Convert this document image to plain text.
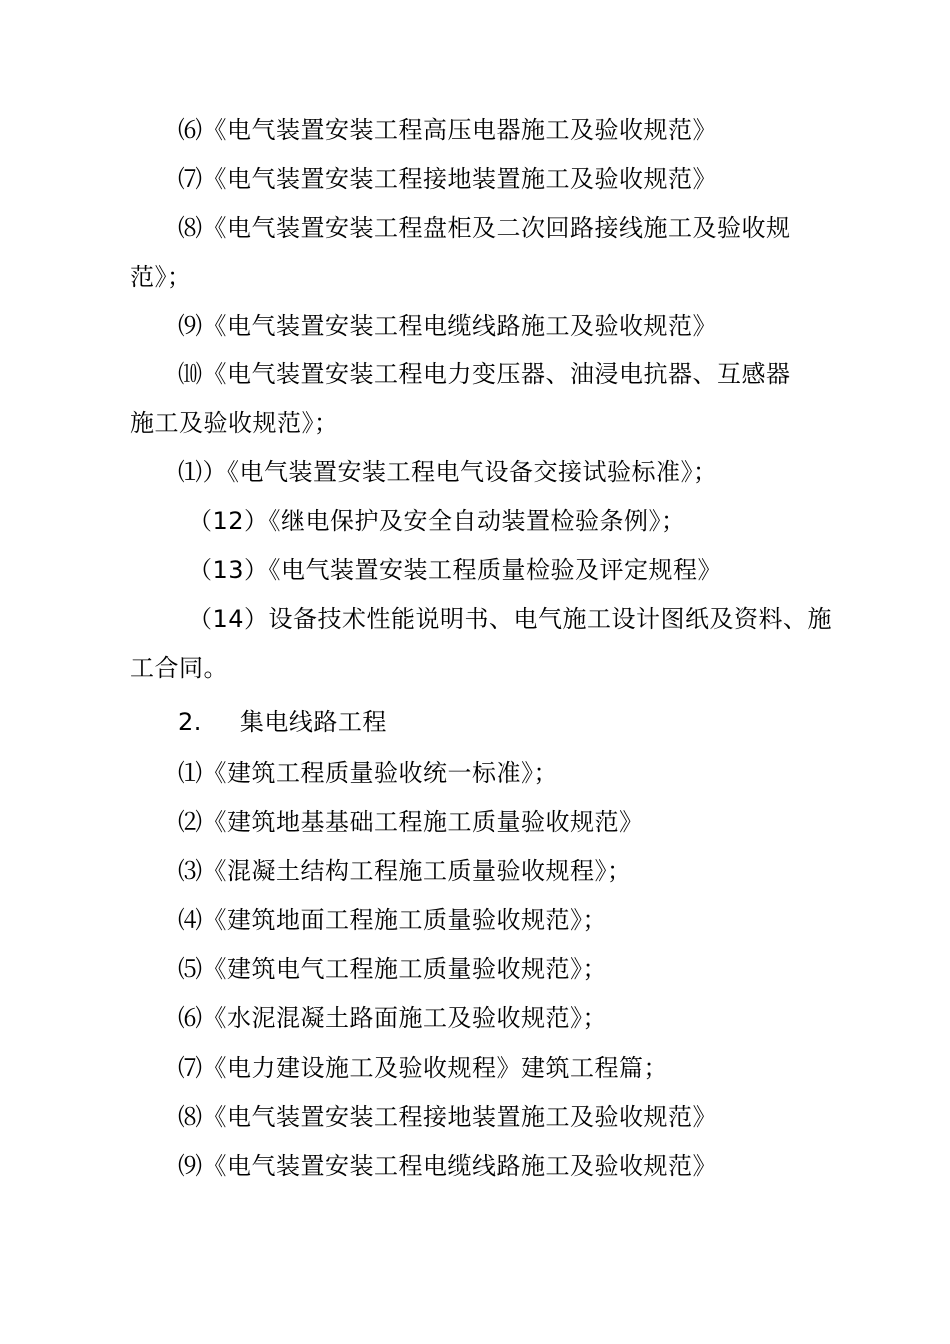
⑹《电气装置安装工程高压电器施工及验收规范》
⑺《电气装置安装工程接地装置施工及验收规范》
⑻《电气装置安装工程盘柜及二次回路接线施工及验收规
范》；
⑼《电气装置安装工程电缆线路施工及验收规范》
⑽《电气装置安装工程电力变压器、油浸电抗器、互感器
施工及验收规范》；
⑴）《电气装置安装工程电气设备交接试验标准》；
（12）《继电保护及安全自动装置检验条例》；
（13）《电气装置安装工程质量检验及评定规程》
（14）设备技术性能说明书、电气施工设计图纸及资料、施
工合同。
2. 集电线路工程
⑴《建筑工程质量验收统一标准》；
⑵《建筑地基基础工程施工质量验收规范》
⑶《混凝土结构工程施工质量验收规程》；
⑷《建筑地面工程施工质量验收规范》；
⑸《建筑电气工程施工质量验收规范》；
⑹《水泥混凝土路面施工及验收规范》；
⑺《电力建设施工及验收规程》建筑工程篇；
⑻《电气装置安装工程接地装置施工及验收规范》
⑼《电气装置安装工程电缆线路施工及验收规范》
